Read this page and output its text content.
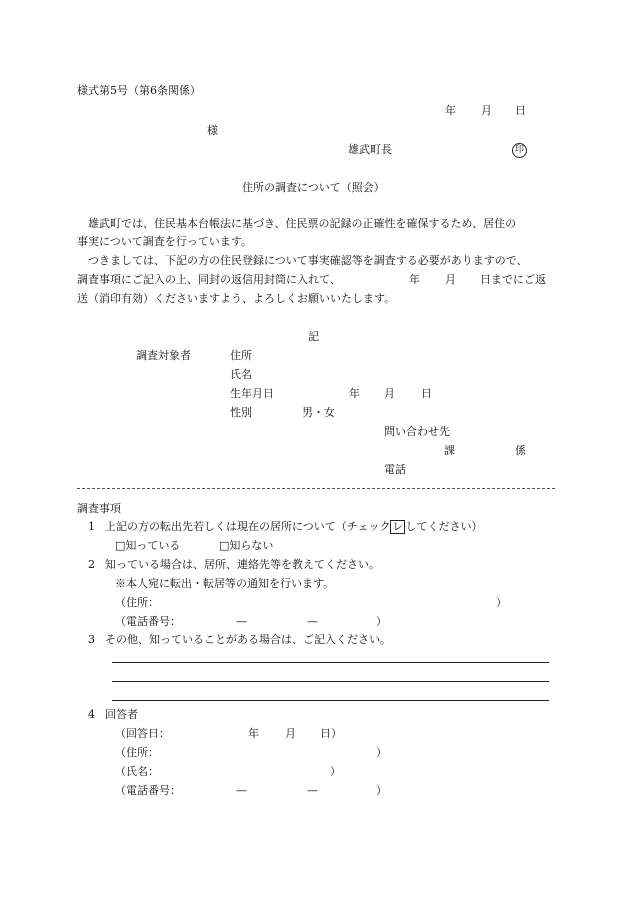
様式第5号（第6条関係）
年 月 日
様
雄武町長	印
住所の調査について（照会）
雄武町では、住民基本台帳法に基づき、住民票の記録の正確性を確保するため、居住の
事実について調査を行っています。
つきましては、下記の方の住民登録について事実確認等を調査する必要がありますので、
調査事項にご記入の上、同封の返信用封筒に入れて、	年 月 日までにご返
送（消印有効）くださいますよう、よろしくお願いいたします。
記
調査対象者	住所
氏名
生年月日	年 月 日
性別	男・女
問い合わせ先
課	係
電話
調査事項
1 上記の方の転出先若しくは現在の居所について（チェック レ してください）
□知っている	□知らない
2 知っている場合は、居所、連絡先等を教えてください。
※本人宛に転出・転居等の通知を行います。
（住所：	）
（電話番号：	—	—	）
3 その他、知っていることがある場合は、ご記入ください。
4 回答者
（回答日：	年 月 日）
（住所：	）
（氏名：	）
（電話番号：	—	—	）
